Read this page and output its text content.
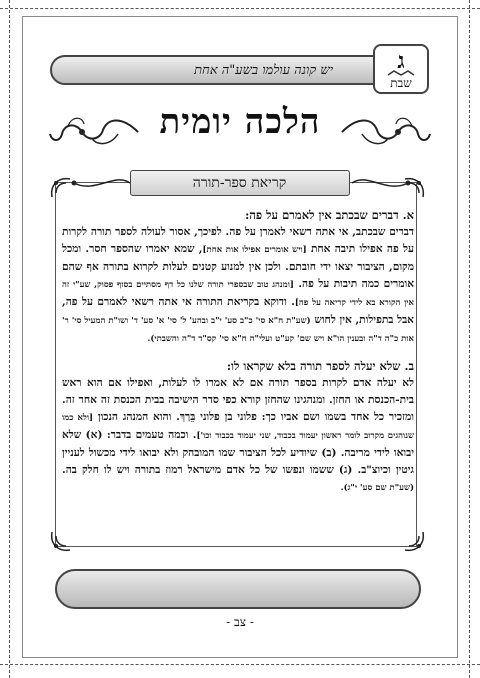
יש קונה עולמו בשע"ה אחת	ג
שבת
הלכה יומית
קריאת ספר-תורה

א. דברים שבכתב אין לאמרם על פה:

דברים שבכתב, אי אתה רשאי לאמרן על פה. לפיכך, אסור לעולה לספר תורה לקרות על פה אפילו תיבה אחת [ויש אומרים אפילו אות אחת], שמא יאמרו שהספר חסר. ומכל מקום, הציבור יצאו ידי חובתם. ולכן אין למנוע קטנים לעלות לקרוא בתורה אף שהם אומרים כמה תיבות על פה. [ומנהג טוב שבספרי תורה שלנו כל דף מסתיים בסוף פסוק, שע"י זה אין הקורא בא לידי קריאה על פה]. ודוקא בקריאת התורה אי אתה רשאי לאמרם על פה, אבל בתפילות, אין לחוש (שע"ת ח"א סי' כ"ב סע' י"ב ובהע' ל' סי' א' סע' ד' ושו"ת המעיל סי' ר' אות כ"ה ד"ה ובענין הו"א ויש שם' קע"ט ועלי"ה ח"א סי' קס"ד ד"ה והשבתי).

ב. שלא יעלה לספר תורה בלא שקראו לו:

לא יעלה אדם לקרות בספר תורה אם לא אמרו לו לעלות, ואפילו אם הוא ראש בית-הכנסת או החזן. ומנהגינו שהחזן קורא כפי סדר הישיבה בבית הכנסת זה אחר זה. ומזכיר כל אחד בשמו ושם אביו כך: פלוני בן פלוני בֵּרַךְ. והוא המנהג הנכון [ולא כמו שנוהגים מקרוב לומר ראשון יעמוד בכבוד, שני יעמוד בכבוד וכו']. וכמה טעמים בדבר: (א) שלא יבואו לידי מריבה. (ב) שיודיע לכל הציבור שמו המובהק ולא יבואו לידי מכשול לעניין גיטין וכיוצ"ב. (ג) ששמו ונפשו של כל אדם מישראל רמוז בתורה ויש לו חלק בה. (שע"ת שם סע' י"ג).

- צב -
